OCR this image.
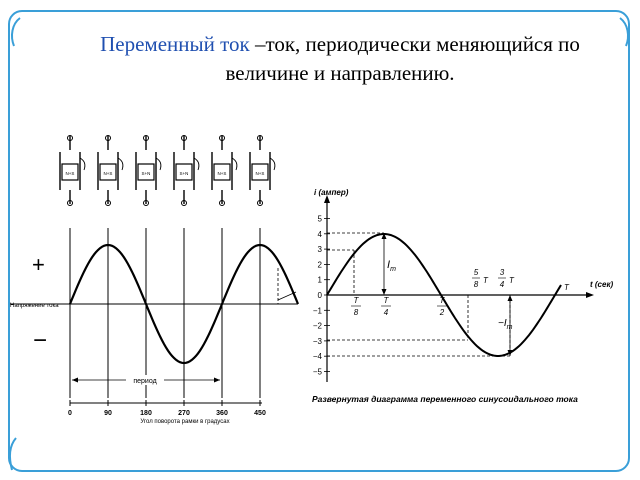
Переменный ток –ток, периодически меняющийся по величине и направлению.
N+S	N+S	S+N	S+N	N+S	N+S
Напряжение тока
+
−
период
0	90	180	270	360	450
Угол поворота рамки в градусах
i (ампер)
5
4
3
2
1
0
−1
−2
−3
−4
−5
t (сек)
$I_m$
$-I_m$
T
8
T
4
T
2
5
8 T
3
4 T
T
Развернутая диаграмма переменного синусоидального тока
